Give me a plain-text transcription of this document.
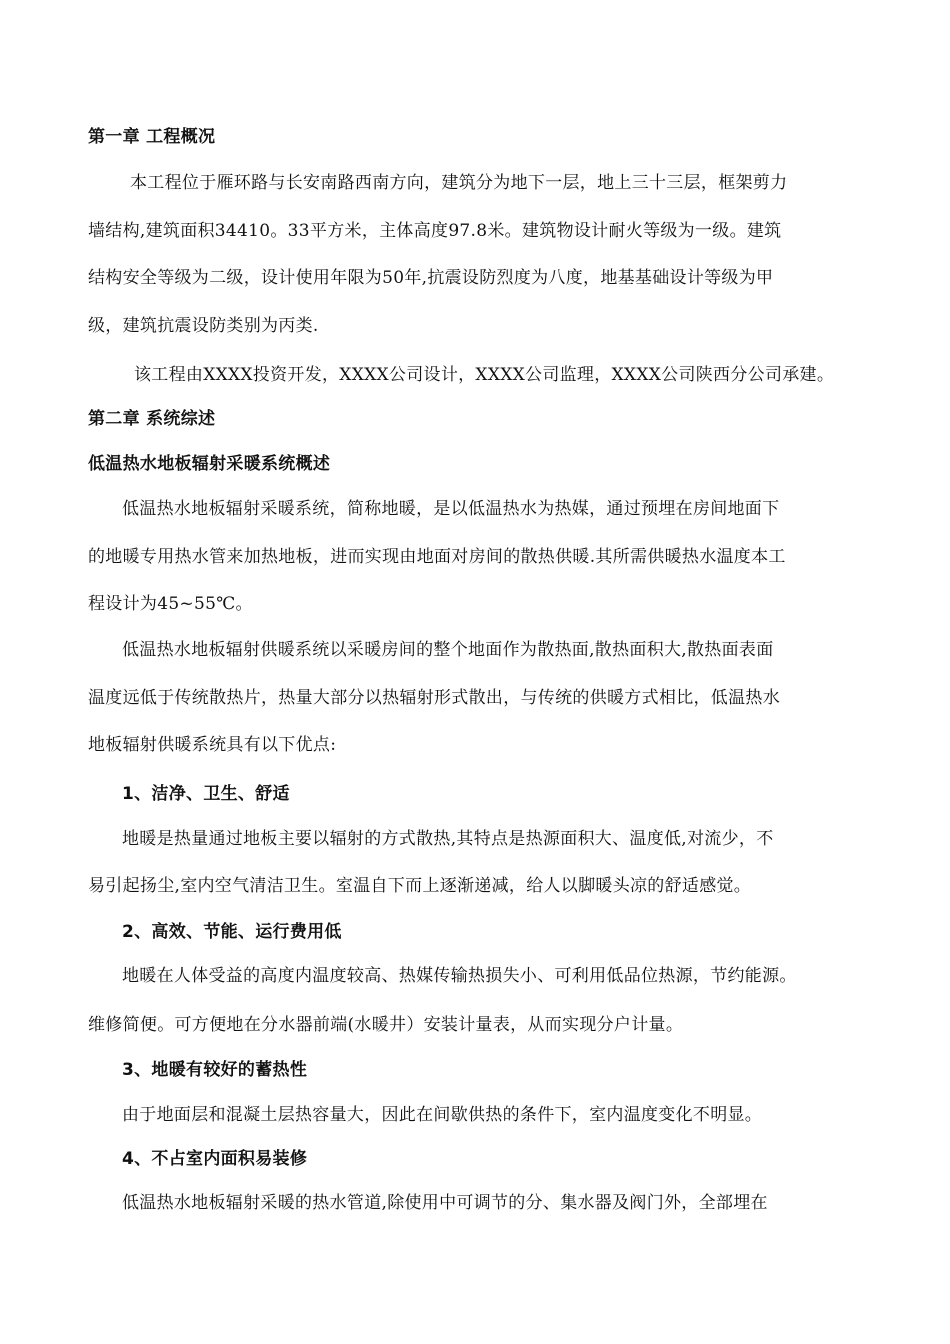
第一章 工程概况
本工程位于雁环路与长安南路西南方向，建筑分为地下一层，地上三十三层，框架剪力
墙结构,建筑面积34410。33平方米，主体高度97.8米。建筑物设计耐火等级为一级。建筑
结构安全等级为二级，设计使用年限为50年,抗震设防烈度为八度，地基基础设计等级为甲
级，建筑抗震设防类别为丙类.
该工程由XXXX投资开发，XXXX公司设计，XXXX公司监理，XXXX公司陕西分公司承建。
第二章 系统综述
低温热水地板辐射采暖系统概述
低温热水地板辐射采暖系统，简称地暖，是以低温热水为热媒，通过预埋在房间地面下
的地暖专用热水管来加热地板，进而实现由地面对房间的散热供暖.其所需供暖热水温度本工
程设计为45~55℃。
低温热水地板辐射供暖系统以采暖房间的整个地面作为散热面,散热面积大,散热面表面
温度远低于传统散热片，热量大部分以热辐射形式散出，与传统的供暖方式相比，低温热水
地板辐射供暖系统具有以下优点:
1、洁净、卫生、舒适
地暖是热量通过地板主要以辐射的方式散热,其特点是热源面积大、温度低,对流少，不
易引起扬尘,室内空气清洁卫生。室温自下而上逐渐递减，给人以脚暖头凉的舒适感觉。
2、高效、节能、运行费用低
地暖在人体受益的高度内温度较高、热媒传输热损失小、可利用低品位热源，节约能源。
维修简便。可方便地在分水器前端(水暖井）安装计量表，从而实现分户计量。
3、地暖有较好的蓄热性
由于地面层和混凝土层热容量大，因此在间歇供热的条件下，室内温度变化不明显。
4、不占室内面积易装修
低温热水地板辐射采暖的热水管道,除使用中可调节的分、集水器及阀门外，全部埋在
